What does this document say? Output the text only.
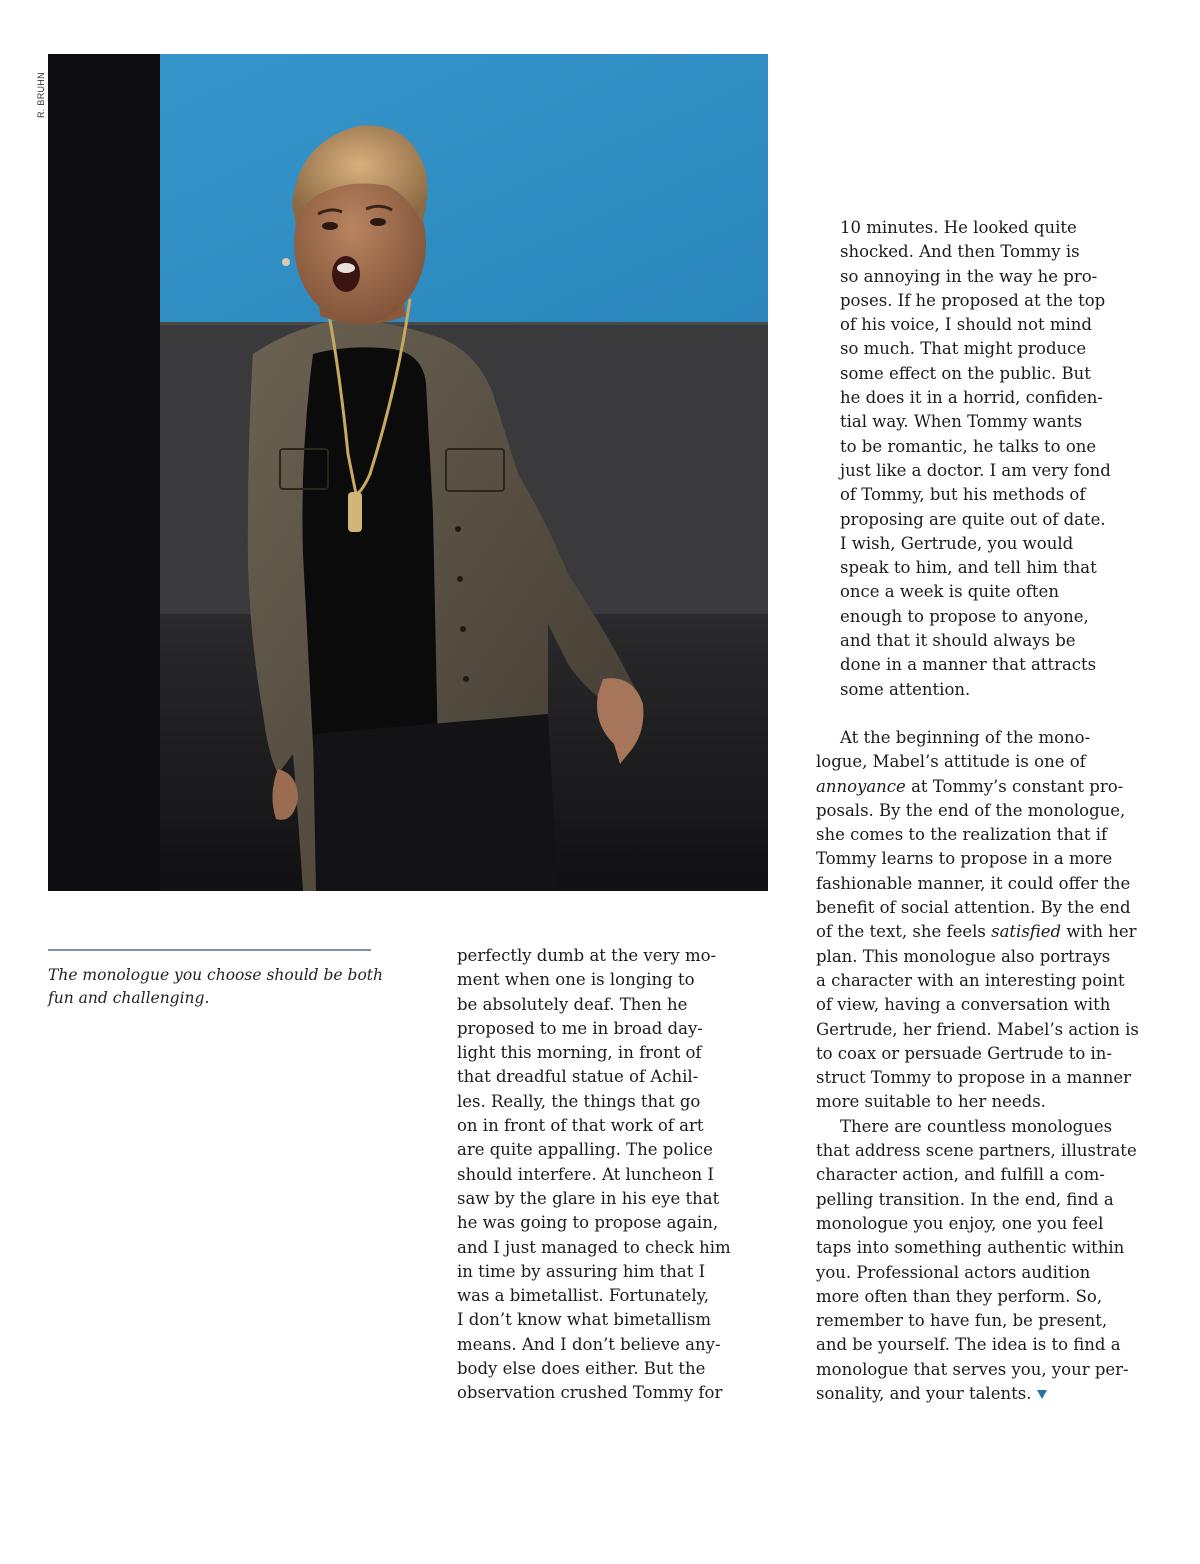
R. BRUHN
The monologue you choose should be both fun and challenging.
perfectly dumb at the very mo-
ment when one is longing to
be absolutely deaf. Then he
proposed to me in broad day-
light this morning, in front of
that dreadful statue of Achil-
les. Really, the things that go
on in front of that work of art
are quite appalling. The police
should interfere. At luncheon I
saw by the glare in his eye that
he was going to propose again,
and I just managed to check him
in time by assuring him that I
was a bimetallist. Fortunately,
I don’t know what bimetallism
means. And I don’t believe any-
body else does either. But the
observation crushed Tommy for
10 minutes. He looked quite
shocked. And then Tommy is
so annoying in the way he pro-
poses. If he proposed at the top
of his voice, I should not mind
so much. That might produce
some effect on the public. But
he does it in a horrid, confiden-
tial way. When Tommy wants
to be romantic, he talks to one
just like a doctor. I am very fond
of Tommy, but his methods of
proposing are quite out of date.
I wish, Gertrude, you would
speak to him, and tell him that
once a week is quite often
enough to propose to anyone,
and that it should always be
done in a manner that attracts
some attention.
At the beginning of the mono-
logue, Mabel’s attitude is one of
annoyance at Tommy’s constant pro-
posals. By the end of the monologue,
she comes to the realization that if
Tommy learns to propose in a more
fashionable manner, it could offer the
benefit of social attention. By the end
of the text, she feels satisfied with her
plan. This monologue also portrays
a character with an interesting point
of view, having a conversation with
Gertrude, her friend. Mabel’s action is
to coax or persuade Gertrude to in-
struct Tommy to propose in a manner
more suitable to her needs.
There are countless monologues
that address scene partners, illustrate
character action, and fulfill a com-
pelling transition. In the end, find a
monologue you enjoy, one you feel
taps into something authentic within
you. Professional actors audition
more often than they perform. So,
remember to have fun, be present,
and be yourself. The idea is to find a
monologue that serves you, your per-
sonality, and your talents.
